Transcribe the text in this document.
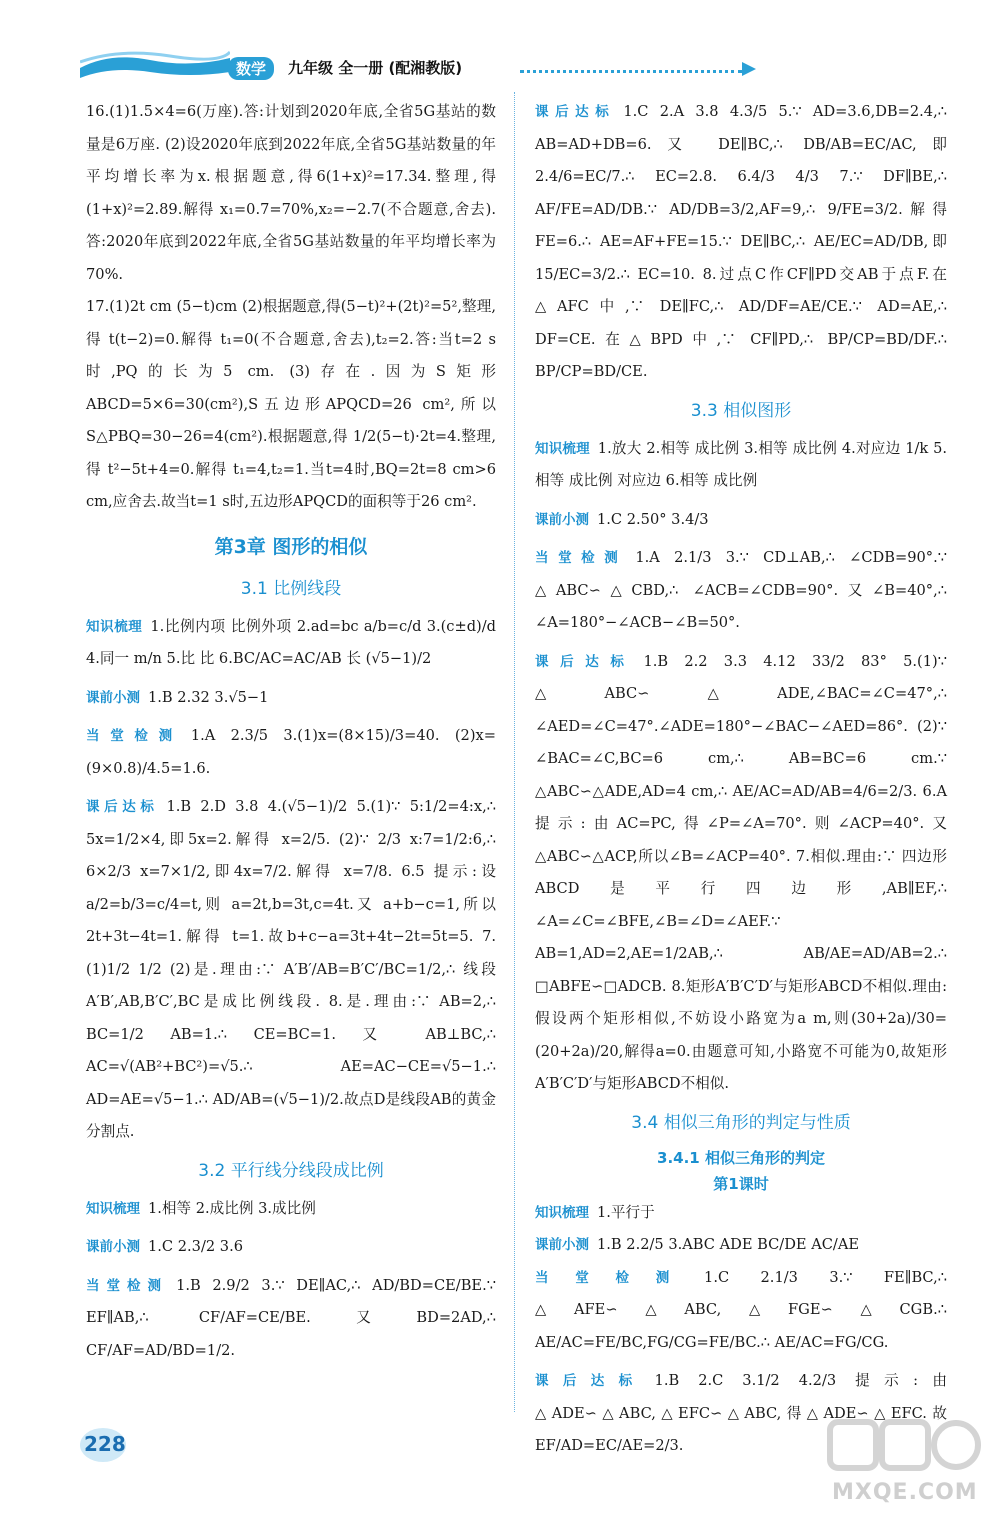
数学	九年级 全一册 (配湘教版)

16.(1)1.5×4=6(万座).答:计划到2020年底,全省5G基站的数量是6万座. (2)设2020年底到2022年底,全省5G基站数量的年平均增长率为x.根据题意,得6(1+x)²=17.34.整理,得(1+x)²=2.89.解得 x₁=0.7=70%,x₂=−2.7(不合题意,舍去).答:2020年底到2022年底,全省5G基站数量的年平均增长率为70%.

17.(1)2t cm (5−t)cm (2)根据题意,得(5−t)²+(2t)²=5²,整理,得 t(t−2)=0.解得 t₁=0(不合题意,舍去),t₂=2.答:当t=2 s时,PQ的长为5 cm. (3)存在.因为S矩形ABCD=5×6=30(cm²),S五边形APQCD=26 cm²,所以S△PBQ=30−26=4(cm²).根据题意,得 1/2(5−t)·2t=4.整理,得 t²−5t+4=0.解得 t₁=4,t₂=1.当t=4时,BQ=2t=8 cm>6 cm,应舍去.故当t=1 s时,五边形APQCD的面积等于26 cm².

第3章 图形的相似
3.1 比例线段

知识梳理 1.比例内项 比例外项 2.ad=bc a/b=c/d 3.(c±d)/d 4.同一 m/n 5.比 比 6.BC/AC=AC/AB 长 (√5−1)/2

课前小测 1.B 2.32 3.√5−1

当堂检测 1.A 2.3/5 3.(1)x=(8×15)/3=40. (2)x=(9×0.8)/4.5=1.6.

课后达标 1.B 2.D 3.8 4.(√5−1)/2 5.(1)∵ 5:1/2=4:x,∴ 5x=1/2×4,即5x=2.解得 x=2/5. (2)∵ 2/3 x:7=1/2:6,∴ 6×2/3 x=7×1/2,即4x=7/2.解得 x=7/8. 6.5 提示:设a/2=b/3=c/4=t,则 a=2t,b=3t,c=4t.又 a+b−c=1,所以2t+3t−4t=1.解得 t=1.故b+c−a=3t+4t−2t=5t=5. 7.(1)1/2 1/2 (2)是.理由:∵ A′B′/AB=B′C′/BC=1/2,∴ 线段A′B′,AB,B′C′,BC是成比例线段. 8.是.理由:∵ AB=2,∴ BC=1/2 AB=1.∴ CE=BC=1. 又 AB⊥BC,∴ AC=√(AB²+BC²)=√5.∴ AE=AC−CE=√5−1.∴ AD=AE=√5−1.∴ AD/AB=(√5−1)/2.故点D是线段AB的黄金分割点.

3.2 平行线分线段成比例

知识梳理 1.相等 2.成比例 3.成比例

课前小测 1.C 2.3/2 3.6

当堂检测 1.B 2.9/2 3.∵ DE∥AC,∴ AD/BD=CE/BE.∵ EF∥AB,∴ CF/AF=CE/BE.又BD=2AD,∴ CF/AF=AD/BD=1/2.

课后达标 1.C 2.A 3.8 4.3/5 5.∵ AD=3.6,DB=2.4,∴ AB=AD+DB=6.又 DE∥BC,∴ DB/AB=EC/AC,即2.4/6=EC/7.∴ EC=2.8. 6.4/3 4/3 7.∵ DF∥BE,∴ AF/FE=AD/DB.∵ AD/DB=3/2,AF=9,∴ 9/FE=3/2.解得 FE=6.∴ AE=AF+FE=15.∵ DE∥BC,∴ AE/EC=AD/DB,即15/EC=3/2.∴ EC=10. 8.过点C作CF∥PD交AB于点F.在△AFC中,∵ DE∥FC,∴ AD/DF=AE/CE.∵ AD=AE,∴ DF=CE.在△BPD中,∵ CF∥PD,∴ BP/CP=BD/DF.∴ BP/CP=BD/CE.

3.3 相似图形

知识梳理 1.放大 2.相等 成比例 3.相等 成比例 4.对应边 1/k 5.相等 成比例 对应边 6.相等 成比例

课前小测 1.C 2.50° 3.4/3

当堂检测 1.A 2.1/3 3.∵ CD⊥AB,∴ ∠CDB=90°.∵ △ABC∽△CBD,∴ ∠ACB=∠CDB=90°.又∠B=40°,∴ ∠A=180°−∠ACB−∠B=50°.

课后达标 1.B 2.2 3.3 4.12 33/2 83° 5.(1)∵ △ABC∽△ADE,∠BAC=∠C=47°,∴ ∠AED=∠C=47°.∠ADE=180°−∠BAC−∠AED=86°. (2)∵ ∠BAC=∠C,BC=6 cm,∴ AB=BC=6 cm.∵ △ABC∽△ADE,AD=4 cm,∴ AE/AC=AD/AB=4/6=2/3. 6.A 提示:由AC=PC,得∠P=∠A=70°.则∠ACP=40°.又△ABC∽△ACP,所以∠B=∠ACP=40°. 7.相似.理由:∵ 四边形ABCD是平行四边形,AB∥EF,∴ ∠A=∠C=∠BFE,∠B=∠D=∠AEF.∵ AB=1,AD=2,AE=1/2AB,∴ AB/AE=AD/AB=2.∴ □ABFE∽□ADCB. 8.矩形A′B′C′D′与矩形ABCD不相似.理由:假设两个矩形相似,不妨设小路宽为a m,则(30+2a)/30=(20+2a)/20,解得a=0.由题意可知,小路宽不可能为0,故矩形A′B′C′D′与矩形ABCD不相似.

3.4 相似三角形的判定与性质
3.4.1 相似三角形的判定
第1课时

知识梳理 1.平行于

课前小测 1.B 2.2/5 3.ABC ADE BC/DE AC/AE

当堂检测 1.C 2.1/3 3.∵ FE∥BC,∴ △AFE∽△ABC,△FGE∽△CGB.∴ AE/AC=FE/BC,FG/CG=FE/BC.∴ AE/AC=FG/CG.

课后达标 1.B 2.C 3.1/2 4.2/3 提示:由△ADE∽△ABC,△EFC∽△ABC,得△ADE∽△EFC.故EF/AD=EC/AE=2/3.

228
MXQE.COM
